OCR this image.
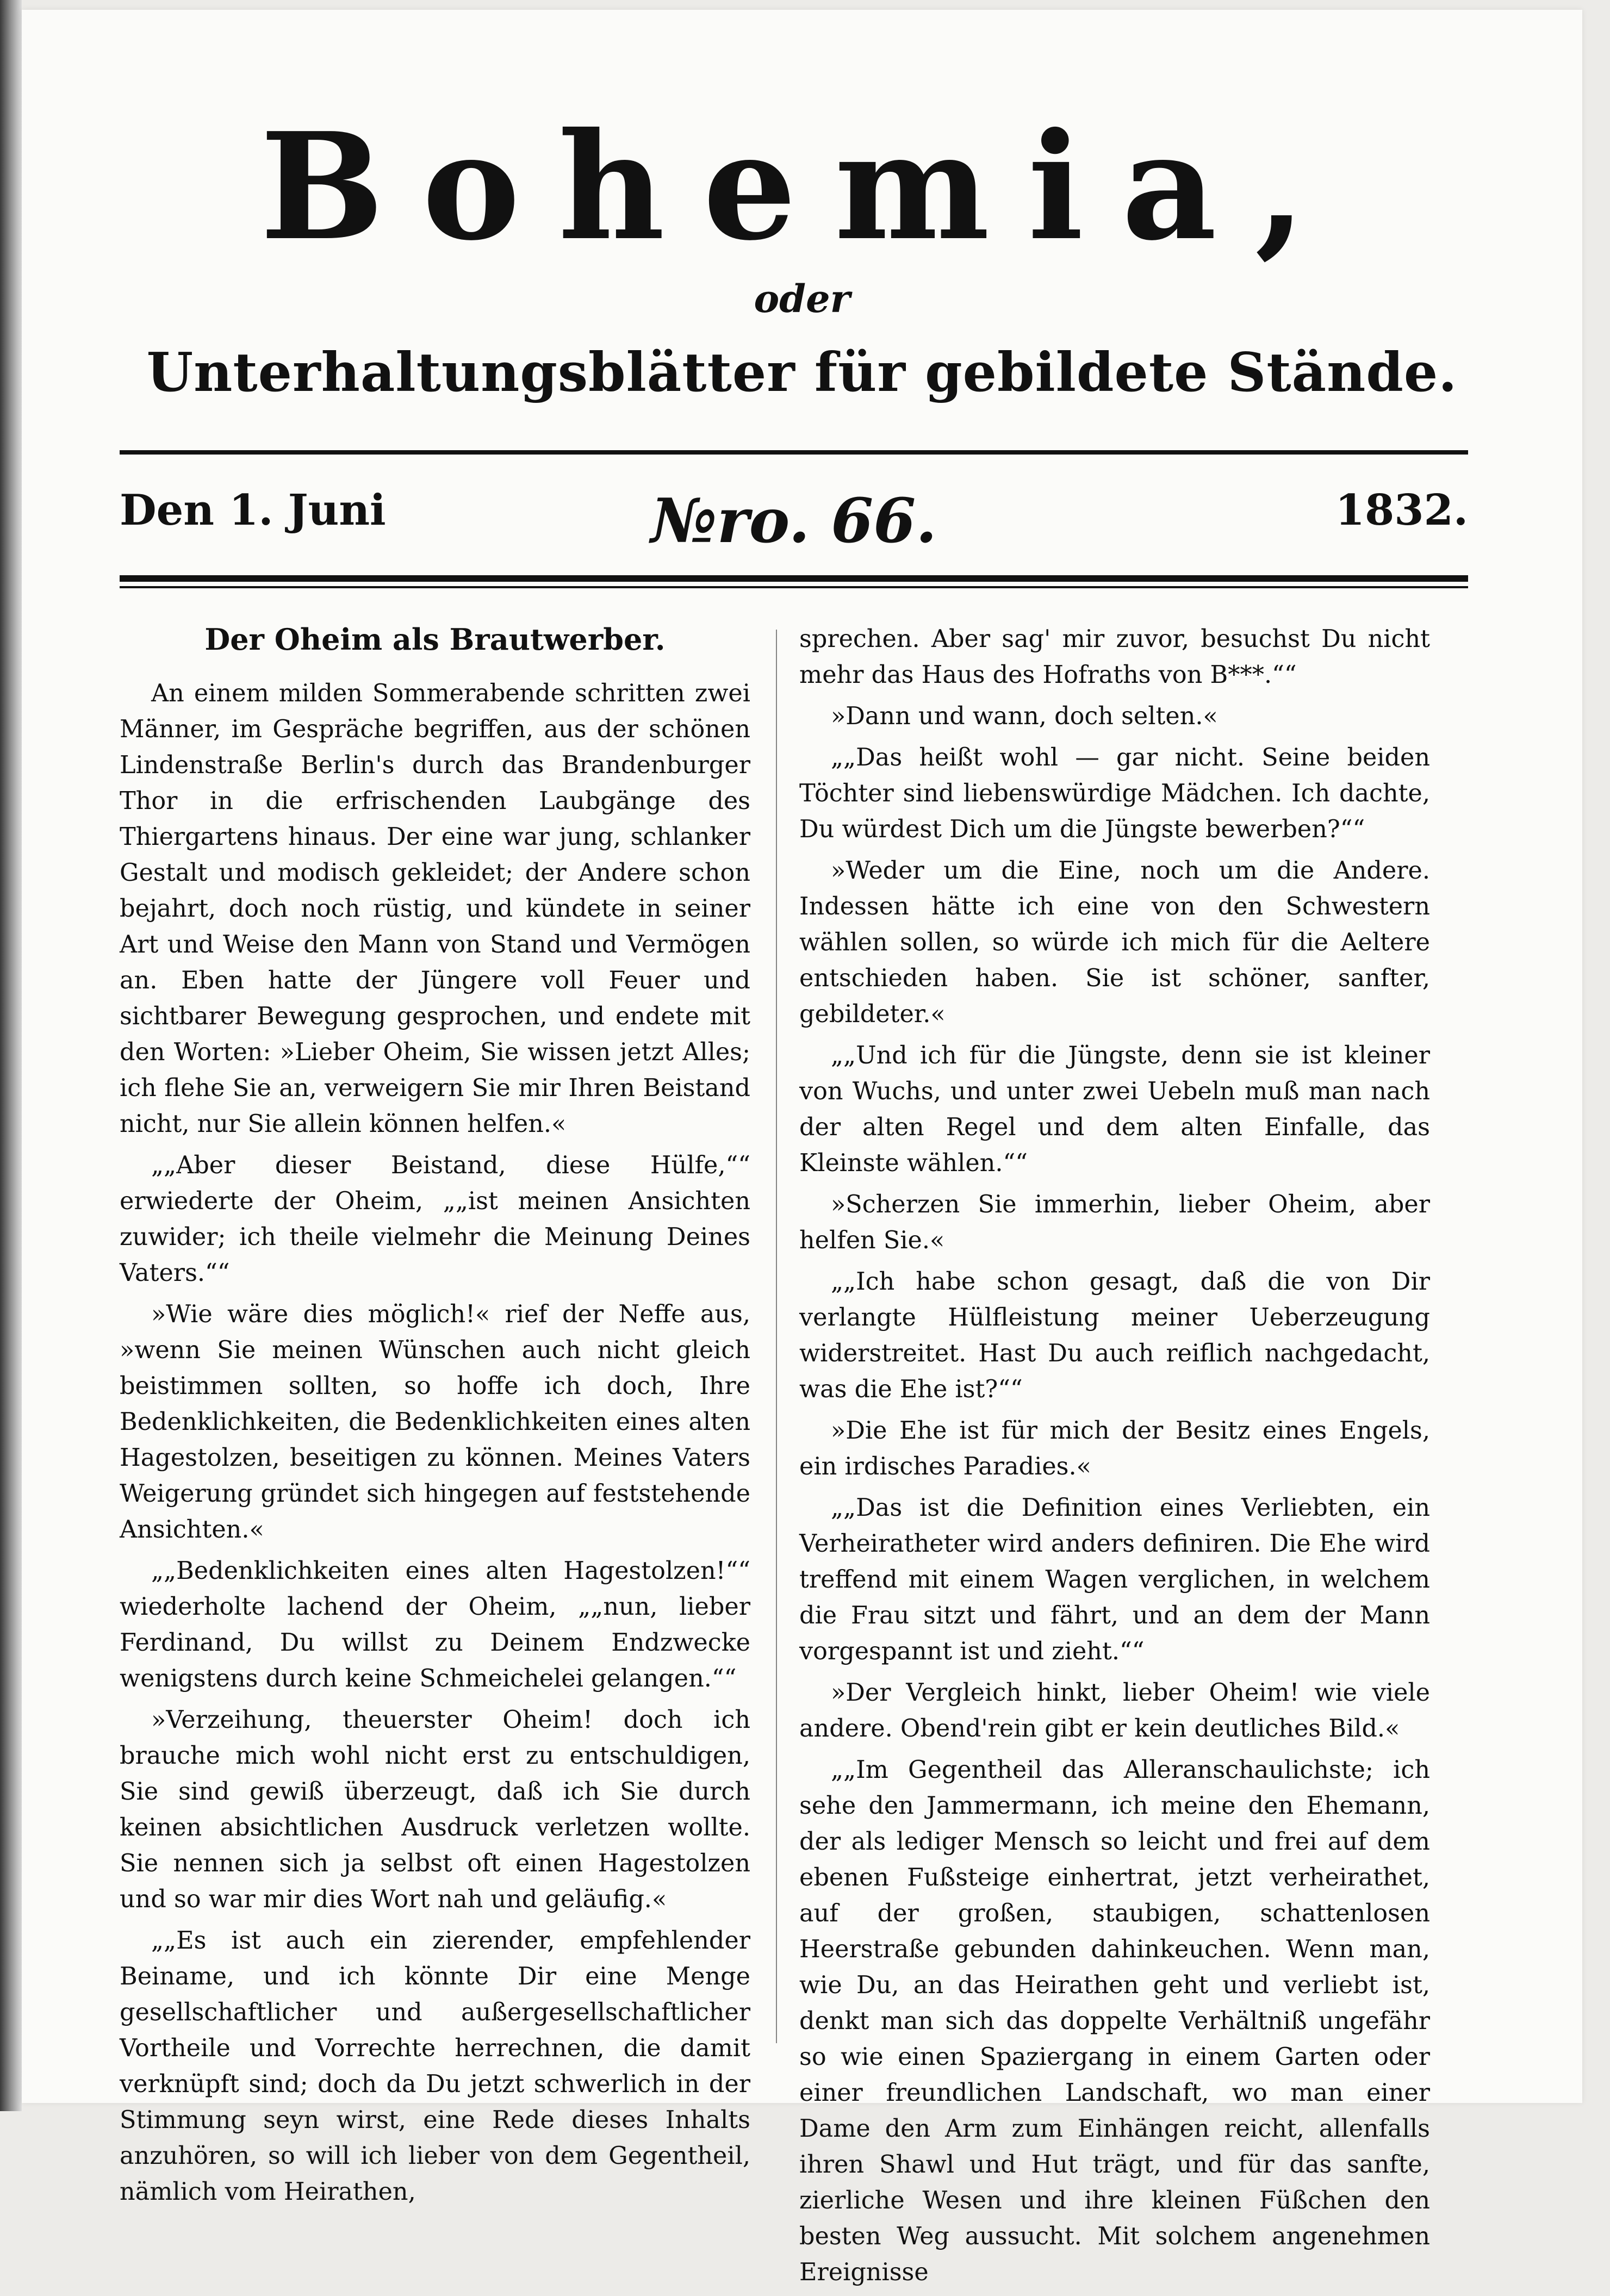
Bohemia,
oder
Unterhaltungsblätter für gebildete Stände.
Den 1. Juni	№ro. 66.	1832.
Der Oheim als Brautwerber.
An einem milden Sommerabende schritten zwei Männer, im Gespräche begriffen, aus der schönen Lindenstraße Berlin's durch das Brandenburger Thor in die erfrischenden Laubgänge des Thiergartens hinaus. Der eine war jung, schlanker Gestalt und modisch gekleidet; der Andere schon bejahrt, doch noch rüstig, und kündete in seiner Art und Weise den Mann von Stand und Vermögen an. Eben hatte der Jüngere voll Feuer und sichtbarer Bewegung gesprochen, und endete mit den Worten: »Lieber Oheim, Sie wissen jetzt Alles; ich flehe Sie an, verweigern Sie mir Ihren Beistand nicht, nur Sie allein können helfen.«
„„Aber dieser Beistand, diese Hülfe,““ erwiederte der Oheim, „„ist meinen Ansichten zuwider; ich theile vielmehr die Meinung Deines Vaters.““
»Wie wäre dies möglich!« rief der Neffe aus, »wenn Sie meinen Wünschen auch nicht gleich beistimmen sollten, so hoffe ich doch, Ihre Bedenklichkeiten, die Bedenklichkeiten eines alten Hagestolzen, beseitigen zu können. Meines Vaters Weigerung gründet sich hingegen auf feststehende Ansichten.«
„„Bedenklichkeiten eines alten Hagestolzen!““ wiederholte lachend der Oheim, „„nun, lieber Ferdinand, Du willst zu Deinem Endzwecke wenigstens durch keine Schmeichelei gelangen.““
»Verzeihung, theuerster Oheim! doch ich brauche mich wohl nicht erst zu entschuldigen, Sie sind gewiß überzeugt, daß ich Sie durch keinen absichtlichen Ausdruck verletzen wollte. Sie nennen sich ja selbst oft einen Hagestolzen und so war mir dies Wort nah und geläufig.«
„„Es ist auch ein zierender, empfehlender Beiname, und ich könnte Dir eine Menge gesellschaftlicher und außergesellschaftlicher Vortheile und Vorrechte herrechnen, die damit verknüpft sind; doch da Du jetzt schwerlich in der Stimmung seyn wirst, eine Rede dieses Inhalts anzuhören, so will ich lieber von dem Gegentheil, nämlich vom Heirathen,
sprechen. Aber sag' mir zuvor, besuchst Du nicht mehr das Haus des Hofraths von B***.““
»Dann und wann, doch selten.«
„„Das heißt wohl — gar nicht. Seine beiden Töchter sind liebenswürdige Mädchen. Ich dachte, Du würdest Dich um die Jüngste bewerben?““
»Weder um die Eine, noch um die Andere. Indessen hätte ich eine von den Schwestern wählen sollen, so würde ich mich für die Aeltere entschieden haben. Sie ist schöner, sanfter, gebildeter.«
„„Und ich für die Jüngste, denn sie ist kleiner von Wuchs, und unter zwei Uebeln muß man nach der alten Regel und dem alten Einfalle, das Kleinste wählen.““
»Scherzen Sie immerhin, lieber Oheim, aber helfen Sie.«
„„Ich habe schon gesagt, daß die von Dir verlangte Hülfleistung meiner Ueberzeugung widerstreitet. Hast Du auch reiflich nachgedacht, was die Ehe ist?““
»Die Ehe ist für mich der Besitz eines Engels, ein irdisches Paradies.«
„„Das ist die Definition eines Verliebten, ein Verheiratheter wird anders definiren. Die Ehe wird treffend mit einem Wagen verglichen, in welchem die Frau sitzt und fährt, und an dem der Mann vorgespannt ist und zieht.““
»Der Vergleich hinkt, lieber Oheim! wie viele andere. Obend'rein gibt er kein deutliches Bild.«
„„Im Gegentheil das Alleranschaulichste; ich sehe den Jammermann, ich meine den Ehemann, der als lediger Mensch so leicht und frei auf dem ebenen Fußsteige einhertrat, jetzt verheirathet, auf der großen, staubigen, schattenlosen Heerstraße gebunden dahinkeuchen. Wenn man, wie Du, an das Heirathen geht und verliebt ist, denkt man sich das doppelte Verhältniß ungefähr so wie einen Spaziergang in einem Garten oder einer freundlichen Landschaft, wo man einer Dame den Arm zum Einhängen reicht, allenfalls ihren Shawl und Hut trägt, und für das sanfte, zierliche Wesen und ihre kleinen Füßchen den besten Weg aussucht. Mit solchem angenehmen Ereignisse
